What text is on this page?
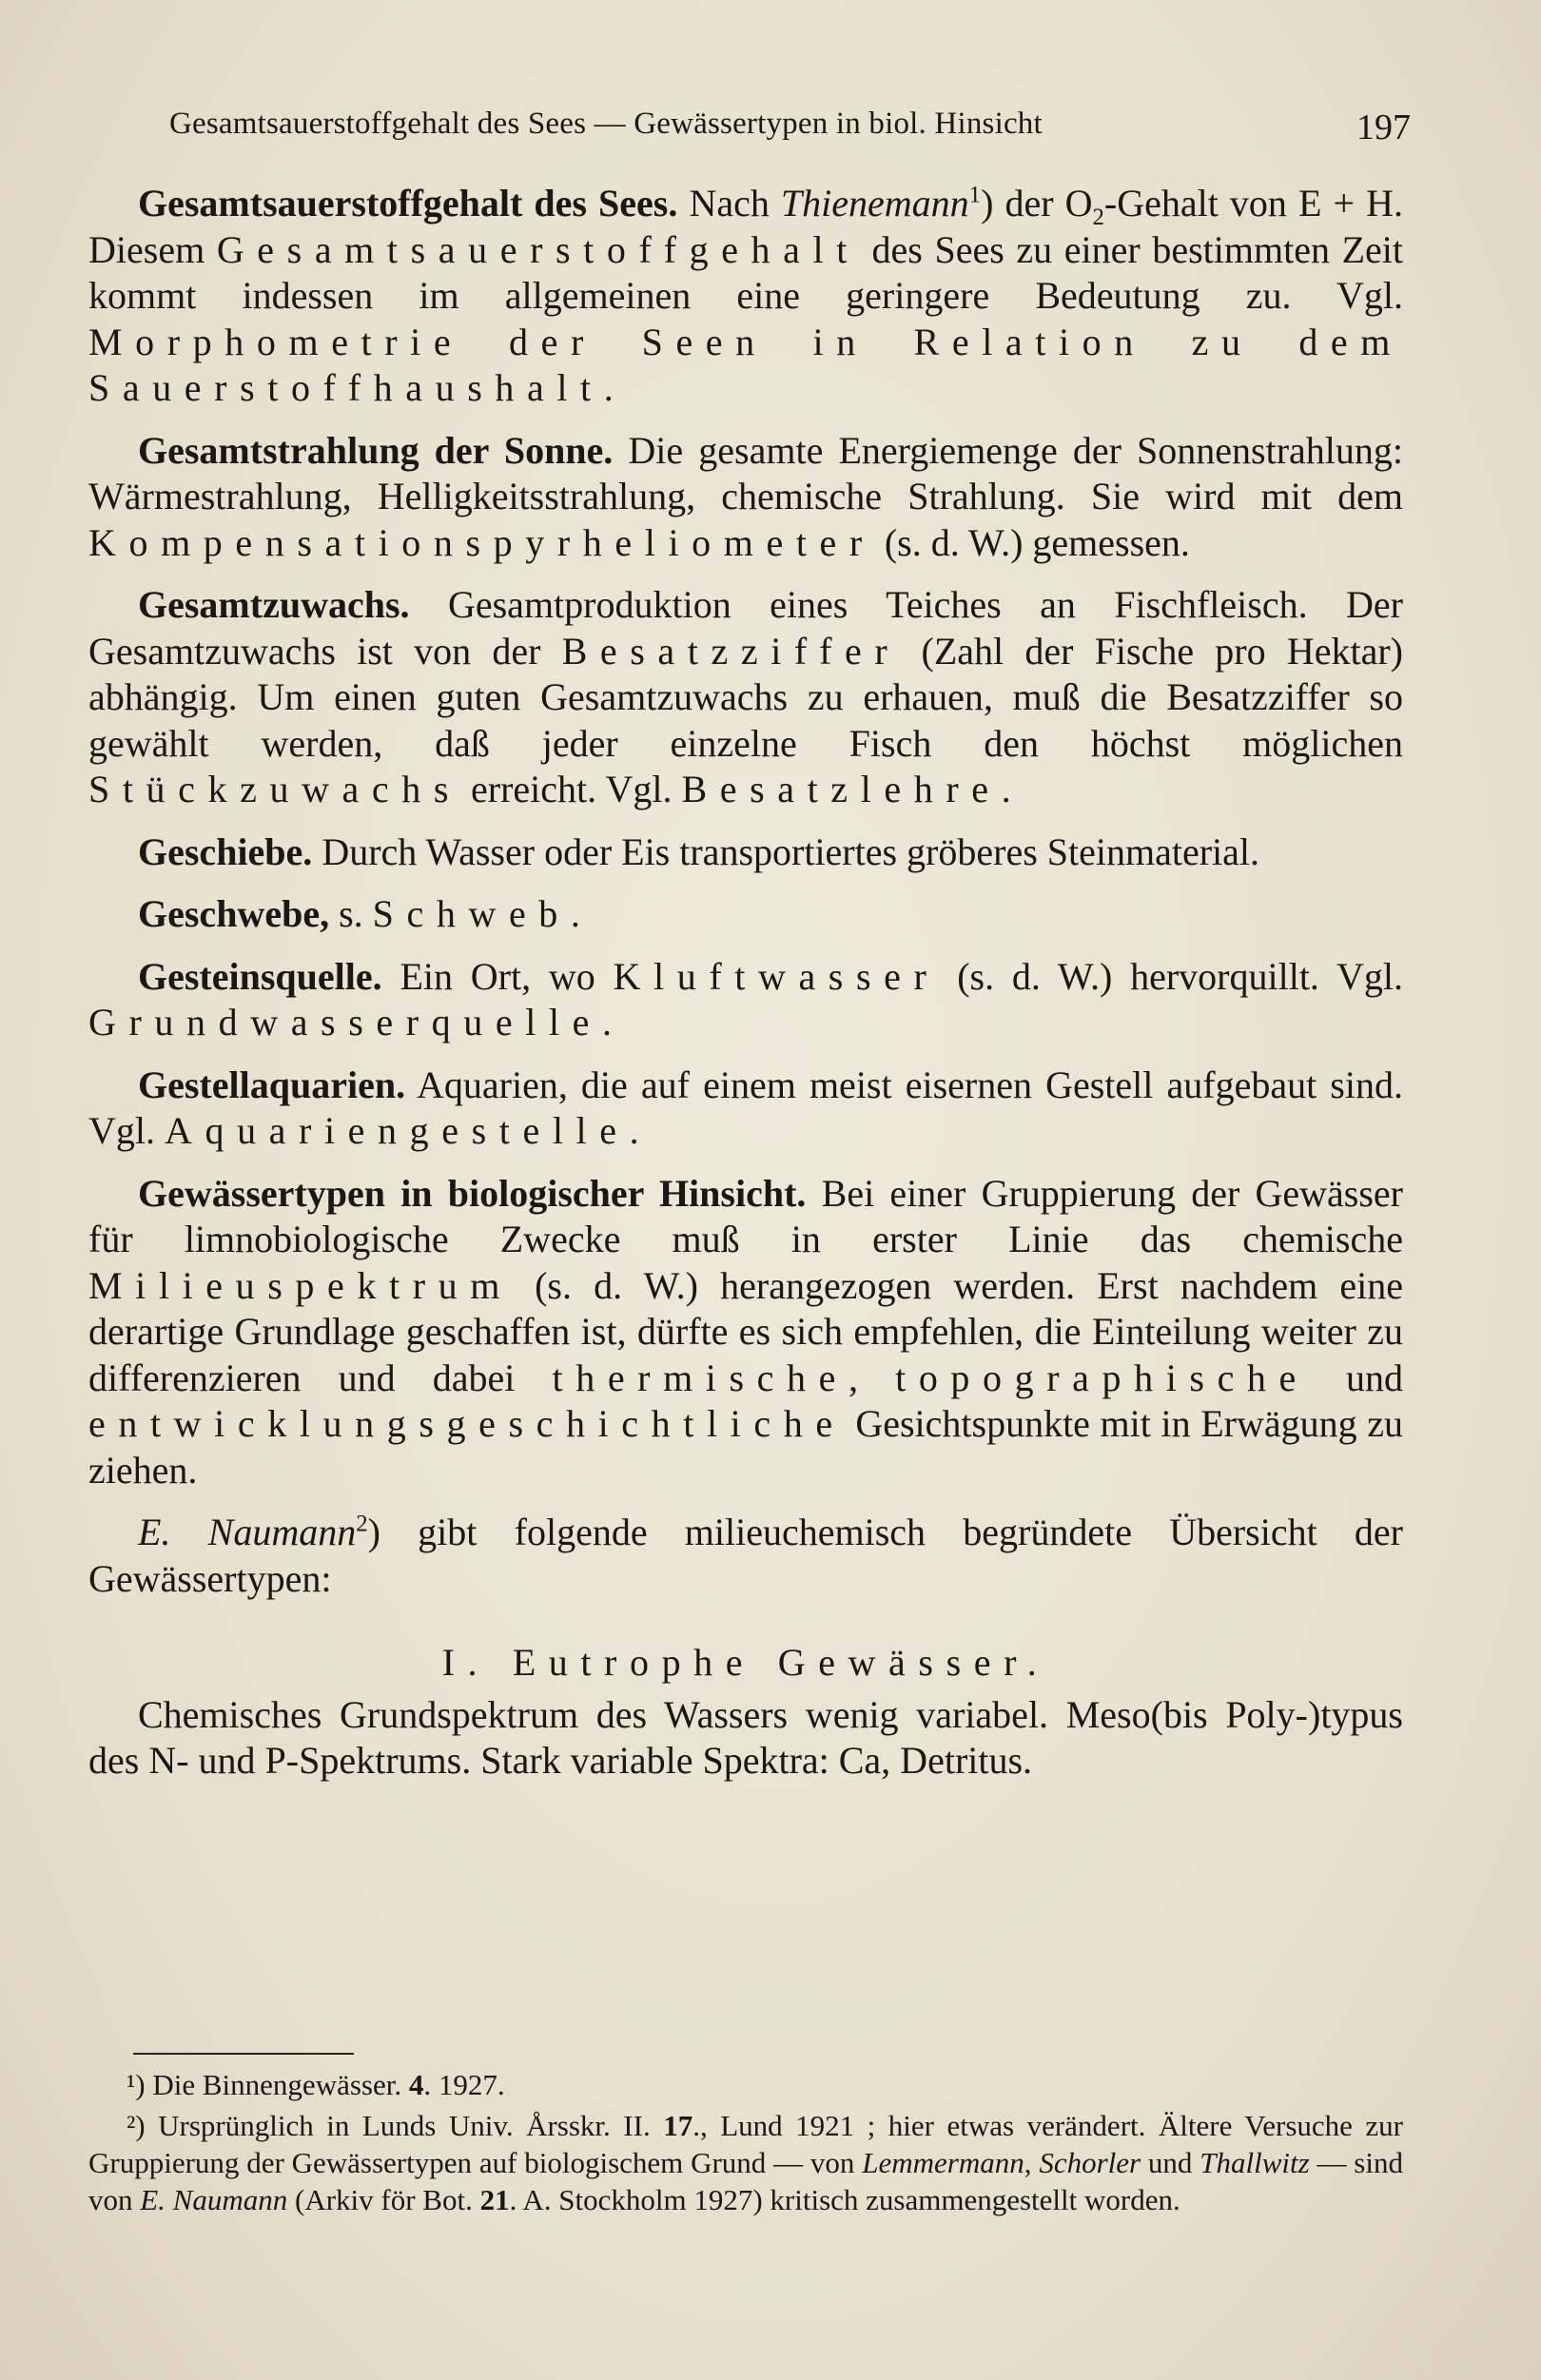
Gesamtsauerstoffgehalt des Sees — Gewässertypen in biol. Hinsicht	197

Gesamtsauerstoffgehalt des Sees. Nach Thienemann$^1$) der $O_2$-Gehalt von E + H. Diesem Gesamtsauerstoffgehalt des Sees zu einer bestimmten Zeit kommt indessen im allgemeinen eine geringere Bedeutung zu. Vgl. Morphometrie der Seen in Relation zu dem Sauerstoffhaushalt.

Gesamtstrahlung der Sonne. Die gesamte Energiemenge der Sonnenstrahlung: Wärmestrahlung, Helligkeitsstrahlung, chemische Strahlung. Sie wird mit dem Kompensationspyrheliometer (s. d. W.) gemessen.

Gesamtzuwachs. Gesamtproduktion eines Teiches an Fischfleisch. Der Gesamtzuwachs ist von der Besatzziffer (Zahl der Fische pro Hektar) abhängig. Um einen guten Gesamtzuwachs zu erhauen, muß die Besatzziffer so gewählt werden, daß jeder einzelne Fisch den höchst möglichen Stückzuwachs erreicht. Vgl. Besatzlehre.

Geschiebe. Durch Wasser oder Eis transportiertes gröberes Steinmaterial.

Geschwebe, s. Schweb.

Gesteinsquelle. Ein Ort, wo Kluftwasser (s. d. W.) hervorquillt. Vgl. Grundwasserquelle.

Gestellaquarien. Aquarien, die auf einem meist eisernen Gestell aufgebaut sind. Vgl. Aquariengestelle.

Gewässertypen in biologischer Hinsicht. Bei einer Gruppierung der Gewässer für limnobiologische Zwecke muß in erster Linie das chemische Milieuspektrum (s. d. W.) herangezogen werden. Erst nachdem eine derartige Grundlage geschaffen ist, dürfte es sich empfehlen, die Einteilung weiter zu differenzieren und dabei thermische, topographische und entwicklungsgeschichtliche Gesichtspunkte mit in Erwägung zu ziehen.

E. Naumann$^2$) gibt folgende milieuchemisch begründete Übersicht der Gewässertypen:

I. Eutrophe Gewässer.

Chemisches Grundspektrum des Wassers wenig variabel. Meso(bis Poly-)typus des N- und P-Spektrums. Stark variable Spektra: Ca, Detritus.

¹) Die Binnengewässer. 4. 1927.

²) Ursprünglich in Lunds Univ. Årsskr. II. 17., Lund 1921 ; hier etwas verändert. Ältere Versuche zur Gruppierung der Gewässertypen auf biologischem Grund — von Lemmermann, Schorler und Thallwitz — sind von E. Naumann (Arkiv för Bot. 21. A. Stockholm 1927) kritisch zusammengestellt worden.
